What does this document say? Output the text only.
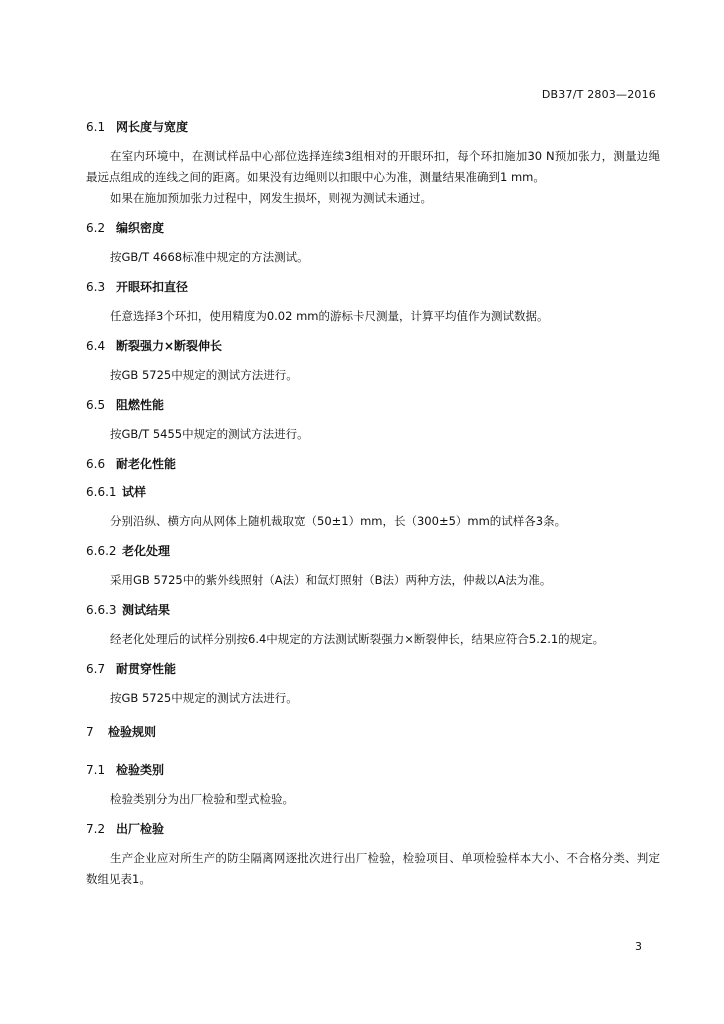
DB37/T 2803—2016
6.1 网长度与宽度

在室内环境中，在测试样品中心部位选择连续3组相对的开眼环扣，每个环扣施加30 N预加张力，测量边绳最远点组成的连线之间的距离。如果没有边绳则以扣眼中心为准，测量结果准确到1 mm。

如果在施加预加张力过程中，网发生损坏，则视为测试未通过。

6.2 编织密度

按GB/T 4668标准中规定的方法测试。

6.3 开眼环扣直径

任意选择3个环扣，使用精度为0.02 mm的游标卡尺测量，计算平均值作为测试数据。

6.4 断裂强力×断裂伸长

按GB 5725中规定的测试方法进行。

6.5 阻燃性能

按GB/T 5455中规定的测试方法进行。

6.6 耐老化性能
6.6.1 试样

分别沿纵、横方向从网体上随机裁取宽（50±1）mm，长（300±5）mm的试样各3条。

6.6.2 老化处理

采用GB 5725中的紫外线照射（A法）和氙灯照射（B法）两种方法，仲裁以A法为准。

6.6.3 测试结果

经老化处理后的试样分别按6.4中规定的方法测试断裂强力×断裂伸长，结果应符合5.2.1的规定。

6.7 耐贯穿性能

按GB 5725中规定的测试方法进行。

7 检验规则
7.1 检验类别

检验类别分为出厂检验和型式检验。

7.2 出厂检验

生产企业应对所生产的防尘隔离网逐批次进行出厂检验，检验项目、单项检验样本大小、不合格分类、判定数组见表1。

3
